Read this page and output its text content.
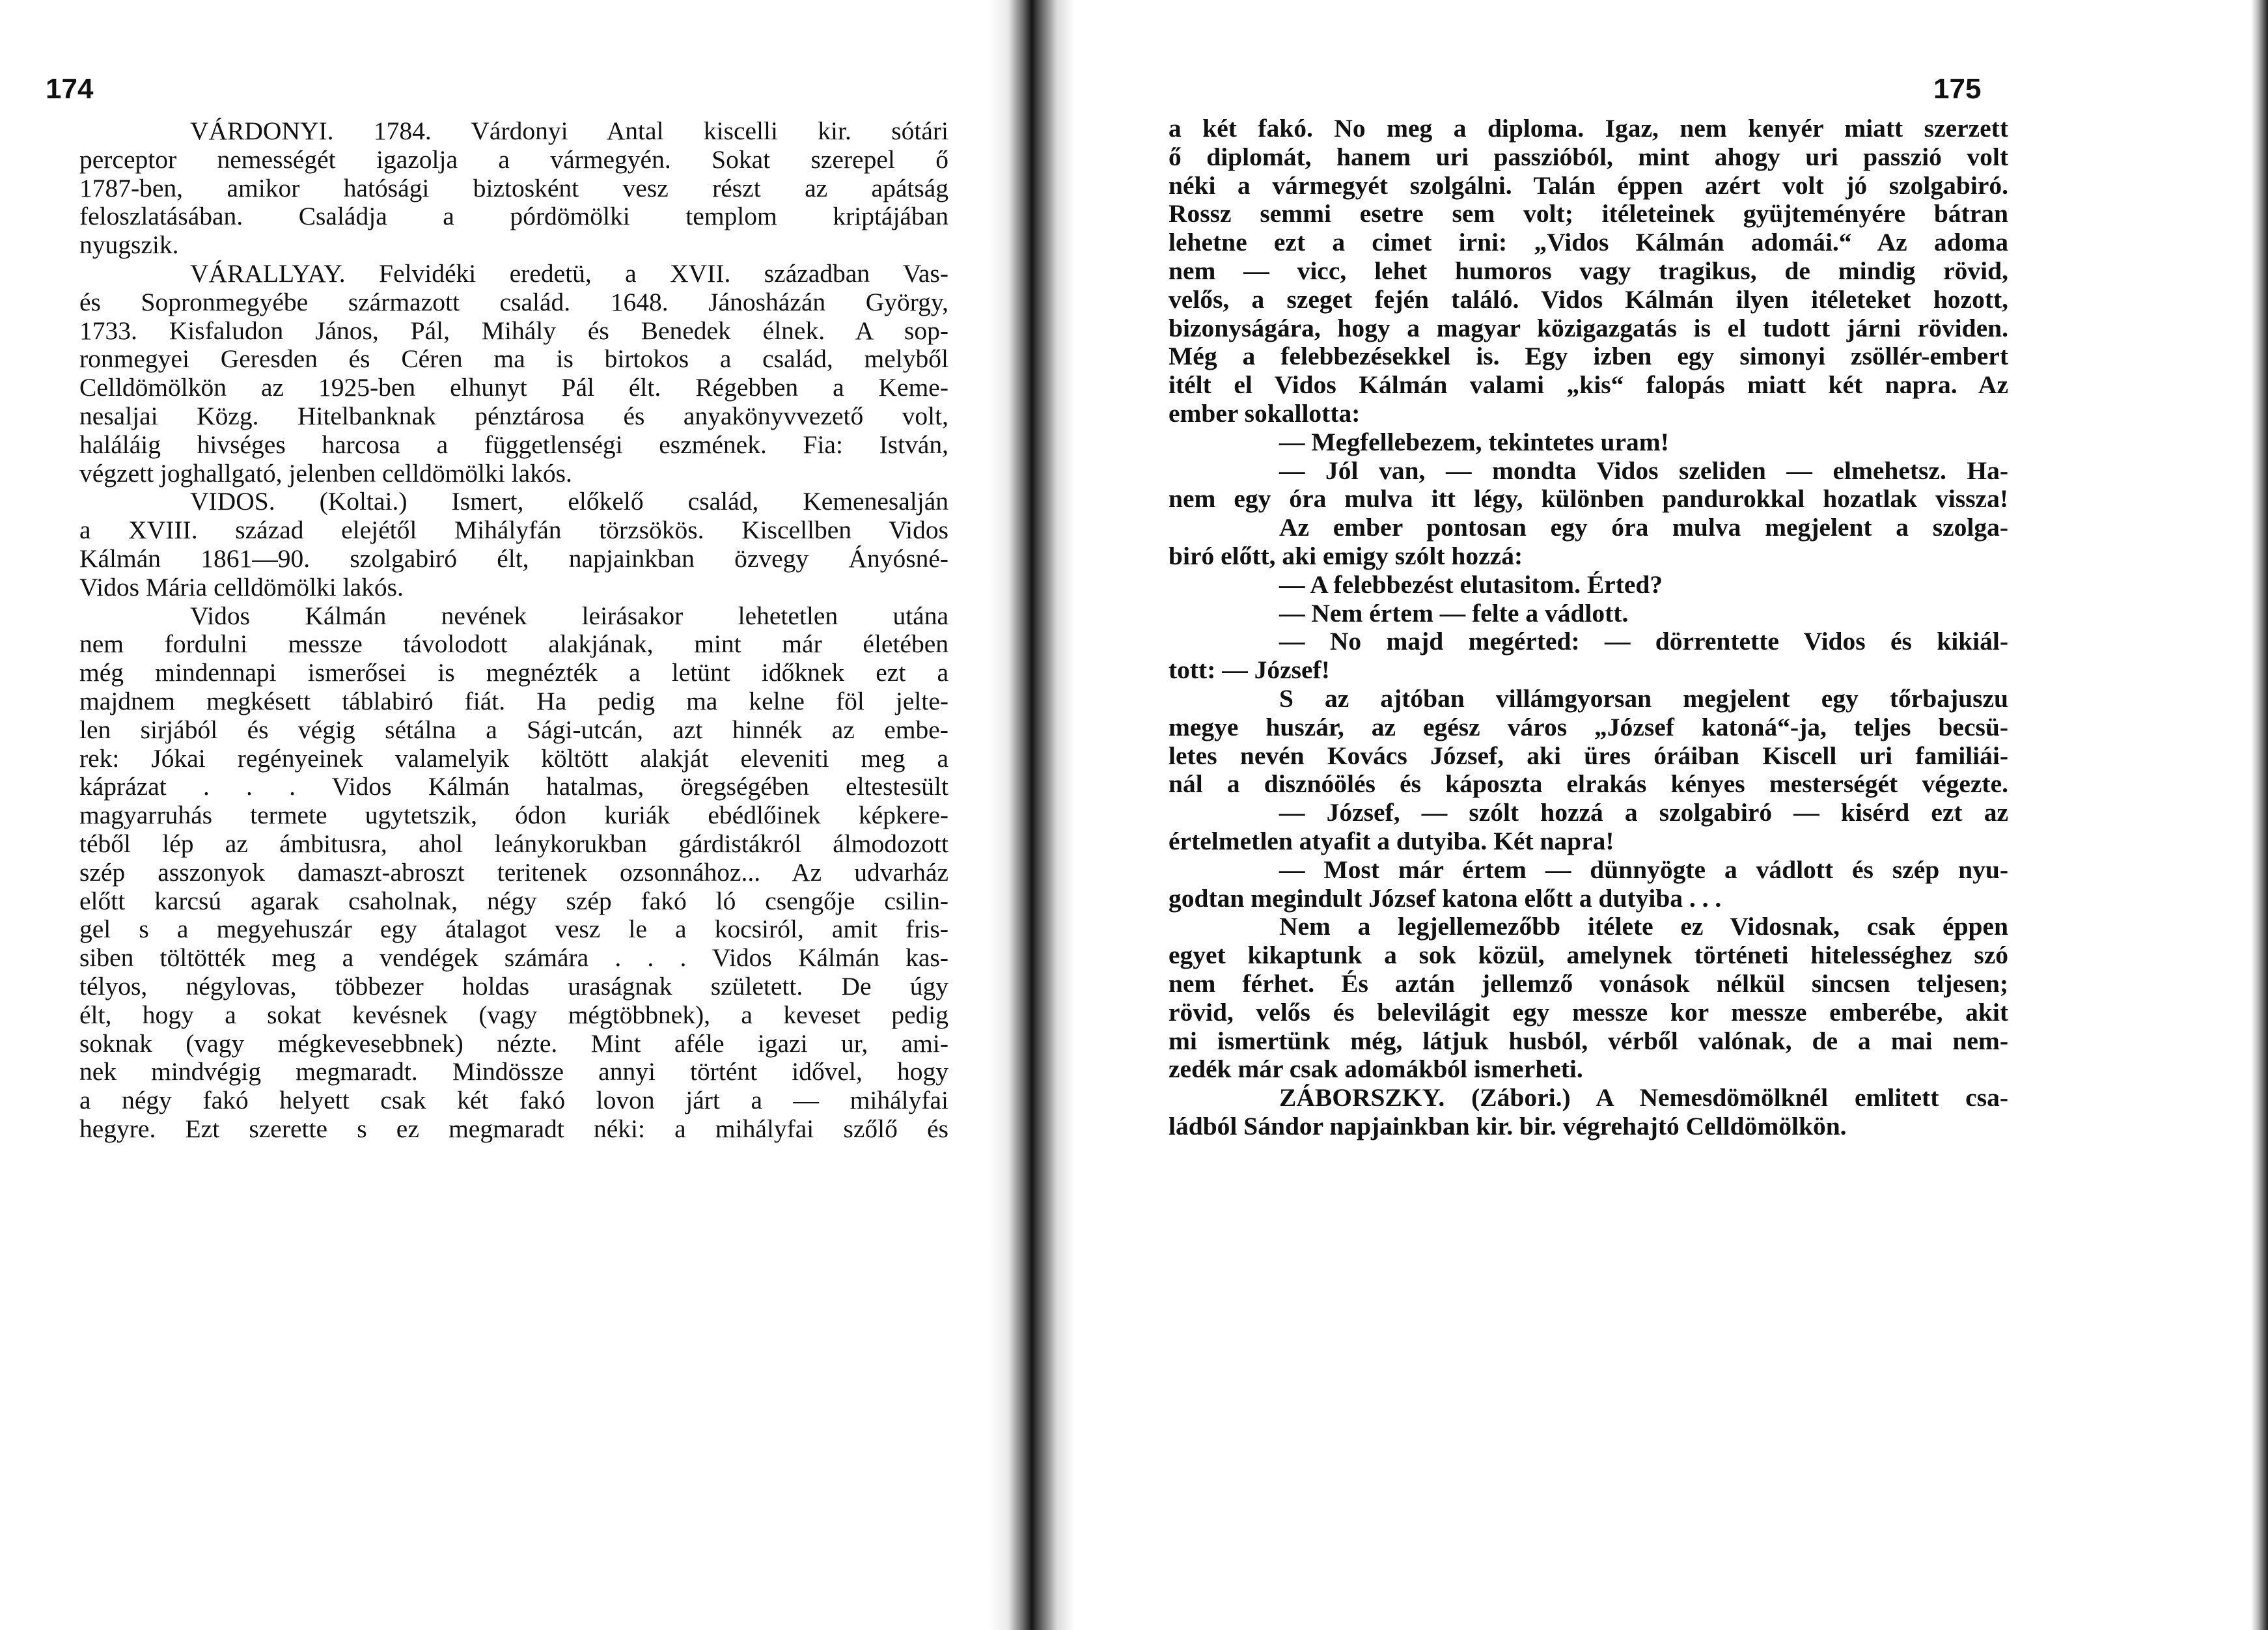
174
VÁRDONYI. 1784. Várdonyi Antal kiscelli kir. sótári
perceptor nemességét igazolja a vármegyén. Sokat szerepel ő
1787-ben, amikor hatósági biztosként vesz részt az apátság
feloszlatásában. Családja a pórdömölki templom kriptájában
nyugszik.
VÁRALLYAY. Felvidéki eredetü, a XVII. században Vas-
és Sopronmegyébe származott család. 1648. Jánosházán György,
1733. Kisfaludon János, Pál, Mihály és Benedek élnek. A sop-
ronmegyei Geresden és Céren ma is birtokos a család, melyből
Celldömölkön az 1925-ben elhunyt Pál élt. Régebben a Keme-
nesaljai Közg. Hitelbanknak pénztárosa és anyakönyvvezető volt,
haláláig hivséges harcosa a függetlenségi eszmének. Fia: István,
végzett joghallgató, jelenben celldömölki lakós.
VIDOS. (Koltai.) Ismert, előkelő család, Kemenesalján
a XVIII. század elejétől Mihályfán törzsökös. Kiscellben Vidos
Kálmán 1861—90. szolgabiró élt, napjainkban özvegy Ányósné-
Vidos Mária celldömölki lakós.
Vidos Kálmán nevének leirásakor lehetetlen utána
nem fordulni messze távolodott alakjának, mint már életében
még mindennapi ismerősei is megnézték a letünt időknek ezt a
majdnem megkésett táblabiró fiát. Ha pedig ma kelne föl jelte-
len sirjából és végig sétálna a Sági-utcán, azt hinnék az embe-
rek: Jókai regényeinek valamelyik költött alakját eleveniti meg a
káprázat . . . Vidos Kálmán hatalmas, öregségében eltestesült
magyarruhás termete ugytetszik, ódon kuriák ebédlőinek képkere-
téből lép az ámbitusra, ahol leánykorukban gárdistákról álmodozott
szép asszonyok damaszt-abroszt teritenek ozsonnához... Az udvarház
előtt karcsú agarak csaholnak, négy szép fakó ló csengője csilin-
gel s a megyehuszár egy átalagot vesz le a kocsiról, amit fris-
siben töltötték meg a vendégek számára . . . Vidos Kálmán kas-
télyos, négylovas, többezer holdas uraságnak született. De úgy
élt, hogy a sokat kevésnek (vagy mégtöbbnek), a keveset pedig
soknak (vagy mégkevesebbnek) nézte. Mint aféle igazi ur, ami-
nek mindvégig megmaradt. Mindössze annyi történt idővel, hogy
a négy fakó helyett csak két fakó lovon járt a — mihályfai
hegyre. Ezt szerette s ez megmaradt néki: a mihályfai szőlő és
175
a két fakó. No meg a diploma. Igaz, nem kenyér miatt szerzett
ő diplomát, hanem uri passzióból, mint ahogy uri passzió volt
néki a vármegyét szolgálni. Talán éppen azért volt jó szolgabiró.
Rossz semmi esetre sem volt; itéleteinek gyüjteményére bátran
lehetne ezt a cimet irni: „Vidos Kálmán adomái.“ Az adoma
nem — vicc, lehet humoros vagy tragikus, de mindig rövid,
velős, a szeget fején találó. Vidos Kálmán ilyen itéleteket hozott,
bizonyságára, hogy a magyar közigazgatás is el tudott járni röviden.
Még a felebbezésekkel is. Egy izben egy simonyi zsöllér-embert
itélt el Vidos Kálmán valami „kis“ falopás miatt két napra. Az
ember sokallotta:
— Megfellebezem, tekintetes uram!
— Jól van, — mondta Vidos szeliden — elmehetsz. Ha-
nem egy óra mulva itt légy, különben pandurokkal hozatlak vissza!
Az ember pontosan egy óra mulva megjelent a szolga-
biró előtt, aki emigy szólt hozzá:
— A felebbezést elutasitom. Érted?
— Nem értem — felte a vádlott.
— No majd megérted: — dörrentette Vidos és kikiál-
tott: — József!
S az ajtóban villámgyorsan megjelent egy tőrbajuszu
megye huszár, az egész város „József katoná“-ja, teljes becsü-
letes nevén Kovács József, aki üres óráiban Kiscell uri familiái-
nál a disznóölés és káposzta elrakás kényes mesterségét végezte.
— József, — szólt hozzá a szolgabiró — kisérd ezt az
értelmetlen atyafit a dutyiba. Két napra!
— Most már értem — dünnyögte a vádlott és szép nyu-
godtan megindult József katona előtt a dutyiba . . .
Nem a legjellemezőbb itélete ez Vidosnak, csak éppen
egyet kikaptunk a sok közül, amelynek történeti hitelességhez szó
nem férhet. És aztán jellemző vonások nélkül sincsen teljesen;
rövid, velős és belevilágit egy messze kor messze emberébe, akit
mi ismertünk még, látjuk husból, vérből valónak, de a mai nem-
zedék már csak adomákból ismerheti.
ZÁBORSZKY. (Zábori.) A Nemesdömölknél emlitett csa-
ládból Sándor napjainkban kir. bir. végrehajtó Celldömölkön.
